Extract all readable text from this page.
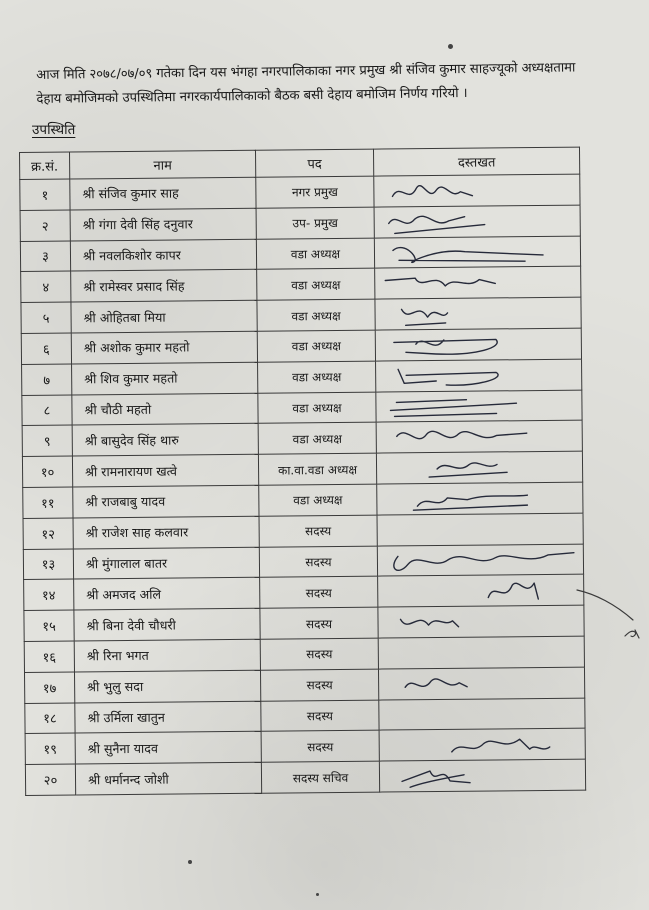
आज मिति २०७८/०७/०९ गतेका दिन यस भंगहा नगरपालिकाका नगर प्रमुख श्री संजिव कुमार साहज्यूको अध्यक्षतामा देहाय बमोजिमको उपस्थितिमा नगरकार्यपालिकाको बैठक बसी देहाय बमोजिम निर्णय गरियो ।
उपस्थिति
क्र.सं.	नाम	पद	दस्तखत
१	श्री संजिव कुमार साह	नगर प्रमुख	

२	श्री गंगा देवी सिंह दनुवार	उप- प्रमुख	

३	श्री नवलकिशोर कापर	वडा अध्यक्ष	

४	श्री रामेस्वर प्रसाद सिंह	वडा अध्यक्ष	

५	श्री ओहितबा मिया	वडा अध्यक्ष	

६	श्री अशोक कुमार महतो	वडा अध्यक्ष	

७	श्री शिव कुमार महतो	वडा अध्यक्ष	

८	श्री चौठी महतो	वडा अध्यक्ष	

९	श्री बासुदेव सिंह थारु	वडा अध्यक्ष	

१०	श्री रामनारायण खत्वे	का.वा.वडा अध्यक्ष	

११	श्री राजबाबु यादव	वडा अध्यक्ष	

१२	श्री राजेश साह कलवार	सदस्य	
१३	श्री मुंगालाल बातर	सदस्य	

१४	श्री अमजद अलि	सदस्य	

१५	श्री बिना देवी चौधरी	सदस्य	

१६	श्री रिना भगत	सदस्य	
१७	श्री भुलु सदा	सदस्य	

१८	श्री उर्मिला खातुन	सदस्य	
१९	श्री सुनैना यादव	सदस्य	

२०	श्री धर्मानन्द जोशी	सदस्य सचिव	
